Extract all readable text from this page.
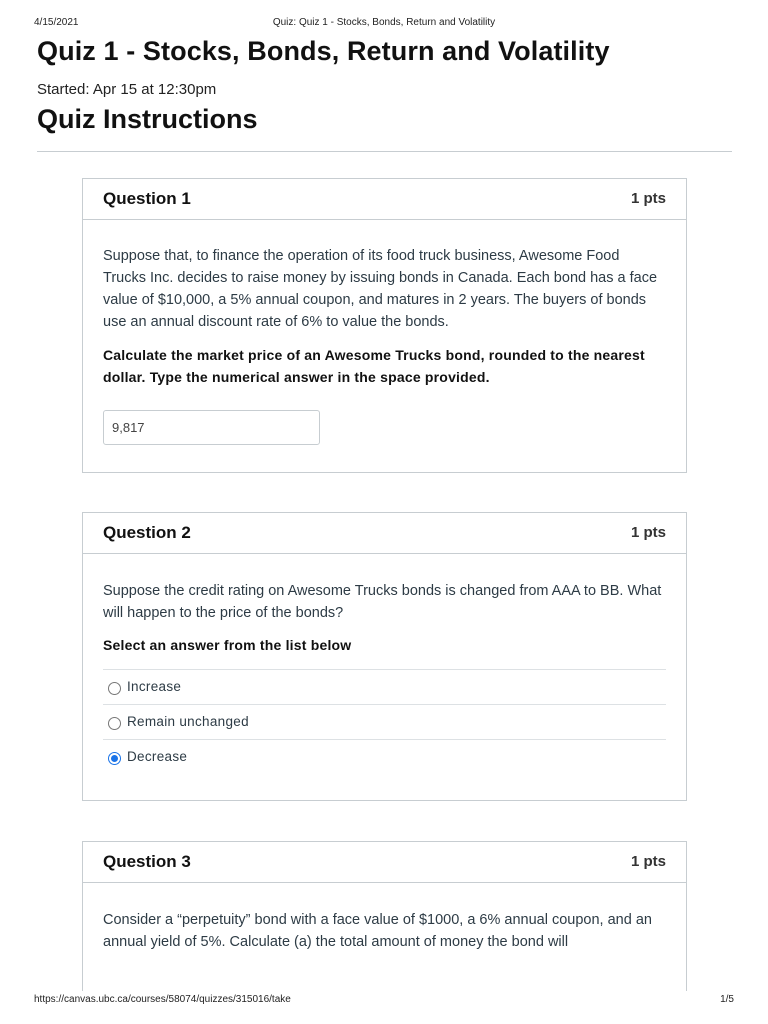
4/15/2021	Quiz: Quiz 1 - Stocks, Bonds, Return and Volatility
Quiz 1 - Stocks, Bonds, Return and Volatility
Started: Apr 15 at 12:30pm
Quiz Instructions
Question 1	1 pts

Suppose that, to finance the operation of its food truck business, Awesome Food Trucks Inc. decides to raise money by issuing bonds in Canada. Each bond has a face value of $10,000, a 5% annual coupon, and matures in 2 years. The buyers of bonds use an annual discount rate of 6% to value the bonds.

Calculate the market price of an Awesome Trucks bond, rounded to the nearest dollar. Type the numerical answer in the space provided.

9,817
Question 2	1 pts

Suppose the credit rating on Awesome Trucks bonds is changed from AAA to BB. What will happen to the price of the bonds?

Select an answer from the list below

Increase
Remain unchanged
Decrease
Question 3	1 pts

Consider a “perpetuity” bond with a face value of $1000, a 6% annual coupon, and an annual yield of 5%. Calculate (a) the total amount of money the bond will

https://canvas.ubc.ca/courses/58074/quizzes/315016/take	1/5
